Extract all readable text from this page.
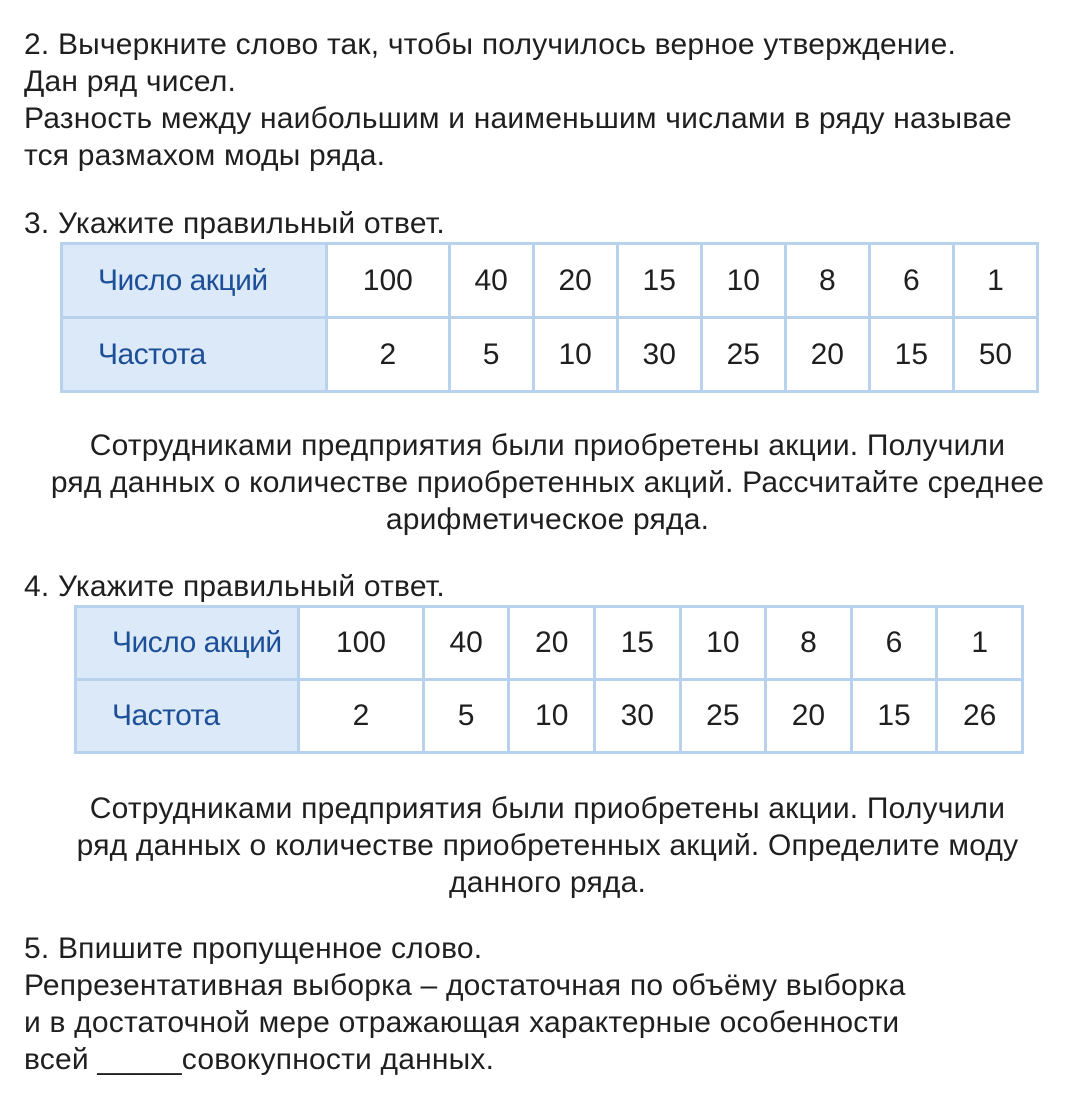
2. Вычеркните слово так, чтобы получилось верное утверждение.
Дан ряд чисел.
Разность между наибольшим и наименьшим числами в ряду называе
тся размахом моды ряда.
3. Укажите правильный ответ.
Число акций	100	40	20	15	10	8	6	1
Частота	2	5	10	30	25	20	15	50
Сотрудниками предприятия были приобретены акции. Получили
ряд данных о количестве приобретенных акций. Рассчитайте среднее
арифметическое ряда.
4. Укажите правильный ответ.
Число акций	100	40	20	15	10	8	6	1
Частота	2	5	10	30	25	20	15	26
Сотрудниками предприятия были приобретены акции. Получили
ряд данных о количестве приобретенных акций. Определите моду
данного ряда.
5. Впишите пропущенное слово.
Репрезентативная выборка – достаточная по объёму выборка
и в достаточной мере отражающая характерные особенности
всей _____совокупности данных.
